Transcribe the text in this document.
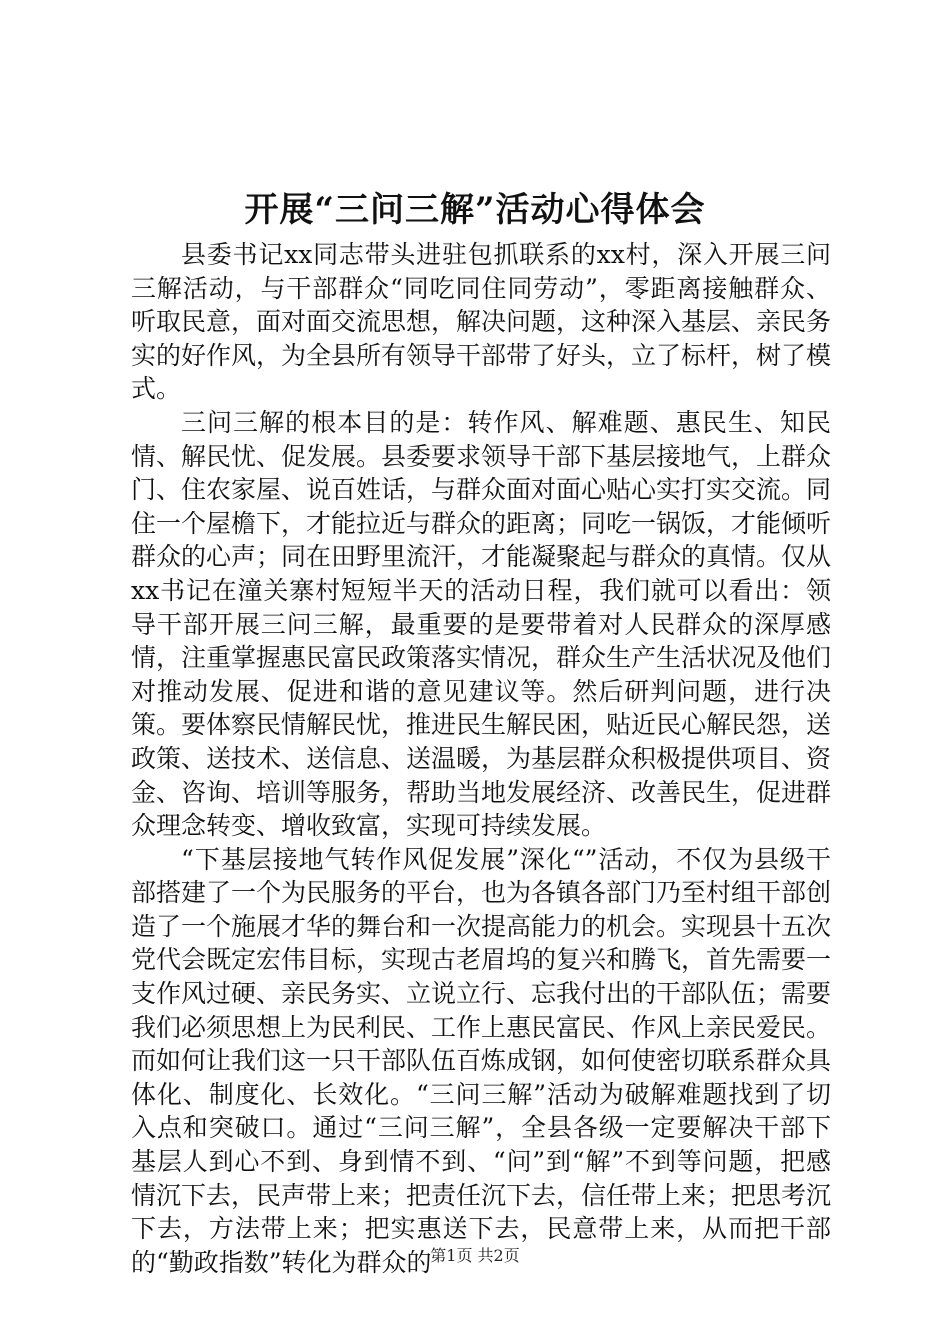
开展“三问三解”活动心得体会

县委书记xx同志带头进驻包抓联系的xx村，深入开展三问三解活动，与干部群众“同吃同住同劳动”，零距离接触群众、听取民意，面对面交流思想，解决问题，这种深入基层、亲民务实的好作风，为全县所有领导干部带了好头，立了标杆，树了模式。

三问三解的根本目的是：转作风、解难题、惠民生、知民情、解民忧、促发展。县委要求领导干部下基层接地气，上群众门、住农家屋、说百姓话，与群众面对面心贴心实打实交流。同住一个屋檐下，才能拉近与群众的距离；同吃一锅饭，才能倾听群众的心声；同在田野里流汗，才能凝聚起与群众的真情。仅从xx书记在潼关寨村短短半天的活动日程，我们就可以看出：领导干部开展三问三解，最重要的是要带着对人民群众的深厚感情，注重掌握惠民富民政策落实情况，群众生产生活状况及他们对推动发展、促进和谐的意见建议等。然后研判问题，进行决策。要体察民情解民忧，推进民生解民困，贴近民心解民怨，送政策、送技术、送信息、送温暖，为基层群众积极提供项目、资金、咨询、培训等服务，帮助当地发展经济、改善民生，促进群众理念转变、增收致富，实现可持续发展。

“下基层接地气转作风促发展”深化“”活动，不仅为县级干部搭建了一个为民服务的平台，也为各镇各部门乃至村组干部创造了一个施展才华的舞台和一次提高能力的机会。实现县十五次党代会既定宏伟目标，实现古老眉坞的复兴和腾飞，首先需要一支作风过硬、亲民务实、立说立行、忘我付出的干部队伍；需要我们必须思想上为民利民、工作上惠民富民、作风上亲民爱民。而如何让我们这一只干部队伍百炼成钢，如何使密切联系群众具体化、制度化、长效化。“三问三解”活动为破解难题找到了切入点和突破口。通过“三问三解”，全县各级一定要解决干部下基层人到心不到、身到情不到、“问”到“解”不到等问题，把感情沉下去，民声带上来；把责任沉下去，信任带上来；把思考沉下去，方法带上来；把实惠送下去，民意带上来，从而把干部的“勤政指数”转化为群众的

第1页 共2页
